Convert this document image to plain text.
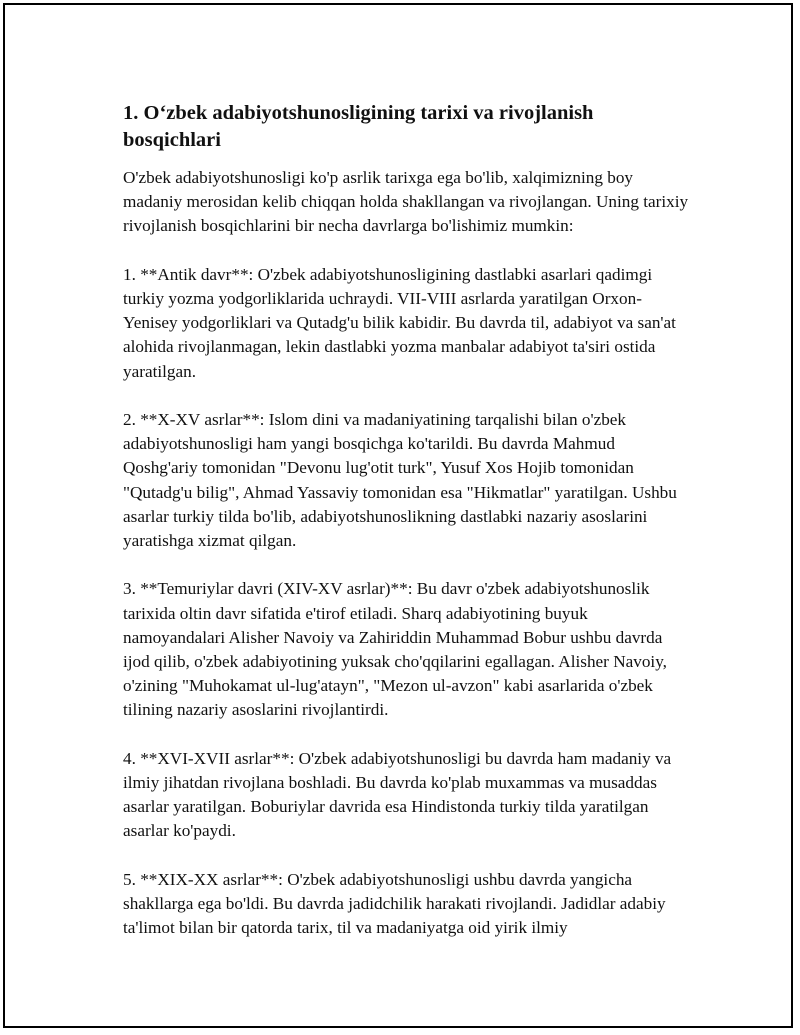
1. O‘zbek adabiyotshunosligining tarixi va rivojlanish bosqichlari

O'zbek adabiyotshunosligi ko'p asrlik tarixga ega bo'lib, xalqimizning boy madaniy merosidan kelib chiqqan holda shakllangan va rivojlangan. Uning tarixiy rivojlanish bosqichlarini bir necha davrlarga bo'lishimiz mumkin:

1. **Antik davr**: O'zbek adabiyotshunosligining dastlabki asarlari qadimgi turkiy yozma yodgorliklarida uchraydi. VII-VIII asrlarda yaratilgan Orxon-Yenisey yodgorliklari va Qutadg'u bilik kabidir. Bu davrda til, adabiyot va san'at alohida rivojlanmagan, lekin dastlabki yozma manbalar adabiyot ta'siri ostida yaratilgan.

2. **X-XV asrlar**: Islom dini va madaniyatining tarqalishi bilan o'zbek adabiyotshunosligi ham yangi bosqichga ko'tarildi. Bu davrda Mahmud Qoshg'ariy tomonidan "Devonu lug'otit turk", Yusuf Xos Hojib tomonidan "Qutadg'u bilig", Ahmad Yassaviy tomonidan esa "Hikmatlar" yaratilgan. Ushbu asarlar turkiy tilda bo'lib, adabiyotshunoslikning dastlabki nazariy asoslarini yaratishga xizmat qilgan.

3. **Temuriylar davri (XIV-XV asrlar)**: Bu davr o'zbek adabiyotshunoslik tarixida oltin davr sifatida e'tirof etiladi. Sharq adabiyotining buyuk namoyandalari Alisher Navoiy va Zahiriddin Muhammad Bobur ushbu davrda ijod qilib, o'zbek adabiyotining yuksak cho'qqilarini egallagan. Alisher Navoiy, o'zining "Muhokamat ul-lug'atayn", "Mezon ul-avzon" kabi asarlarida o'zbek tilining nazariy asoslarini rivojlantirdi.

4. **XVI-XVII asrlar**: O'zbek adabiyotshunosligi bu davrda ham madaniy va ilmiy jihatdan rivojlana boshladi. Bu davrda ko'plab muxammas va musaddas asarlar yaratilgan. Boburiylar davrida esa Hindistonda turkiy tilda yaratilgan asarlar ko'paydi.

5. **XIX-XX asrlar**: O'zbek adabiyotshunosligi ushbu davrda yangicha shakllarga ega bo'ldi. Bu davrda jadidchilik harakati rivojlandi. Jadidlar adabiy ta'limot bilan bir qatorda tarix, til va madaniyatga oid yirik ilmiy
